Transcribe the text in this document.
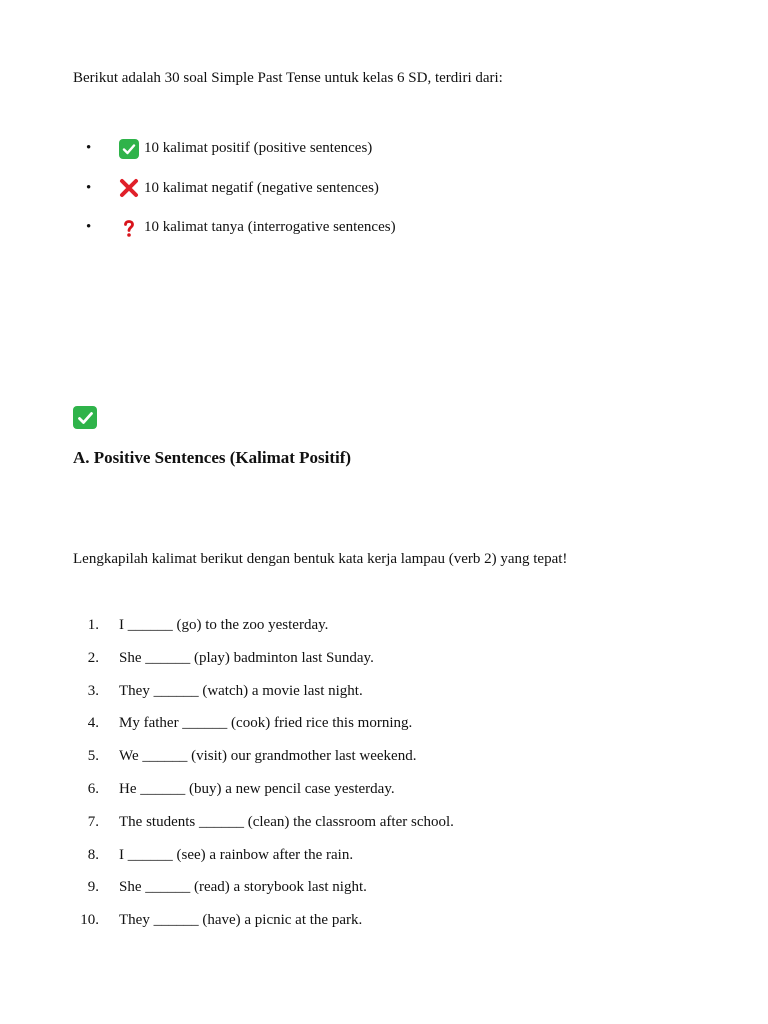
Berikut adalah 30 soal Simple Past Tense untuk kelas 6 SD, terdiri dari:
•	10 kalimat positif (positive sentences)
•	10 kalimat negatif (negative sentences)
•	10 kalimat tanya (interrogative sentences)
A. Positive Sentences (Kalimat Positif)
Lengkapilah kalimat berikut dengan bentuk kata kerja lampau (verb 2) yang tepat!
1. I ______ (go) to the zoo yesterday.
2. She ______ (play) badminton last Sunday.
3. They ______ (watch) a movie last night.
4. My father ______ (cook) fried rice this morning.
5. We ______ (visit) our grandmother last weekend.
6. He ______ (buy) a new pencil case yesterday.
7. The students ______ (clean) the classroom after school.
8. I ______ (see) a rainbow after the rain.
9. She ______ (read) a storybook last night.
10. They ______ (have) a picnic at the park.
